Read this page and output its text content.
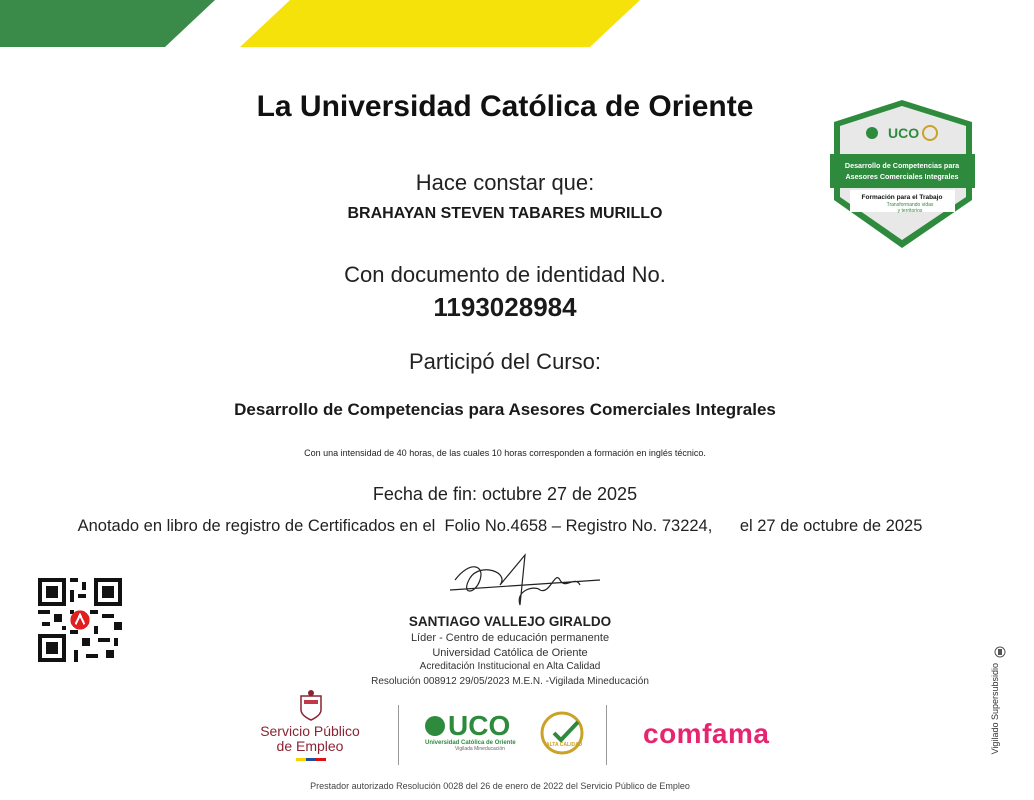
La Universidad Católica de Oriente
Hace constar que:
BRAHAYAN STEVEN TABARES MURILLO
Con documento de identidad No.
1193028984
Participó del Curso:
Desarrollo de Competencias para Asesores Comerciales Integrales
Con una intensidad de 40 horas, de las cuales 10 horas corresponden a formación en inglés técnico.
Fecha de fin: octubre 27 de 2025
Anotado en libro de registro de Certificados en el  Folio No.4658 – Registro No. 73224,      el 27 de octubre de 2025
UCO
Desarrollo de Competencias para
Asesores Comerciales Integrales
Formación para el Trabajo
Transformando vidas
y territorios
SANTIAGO VALLEJO GIRALDO
Líder - Centro de educación permanente
Universidad Católica de Oriente
Acreditación Institucional en Alta Calidad
Resolución 008912 29/05/2023 M.E.N. -Vigilada Mineducación	Vigilado Supersubsidio
Servicio Público
de Empleo
UCO
Universidad Católica de Oriente
Vigilada Mineducación
ALTA CALIDAD comfama
Prestador autorizado Resolución 0028 del 26 de enero de 2022 del Servicio Público de Empleo
